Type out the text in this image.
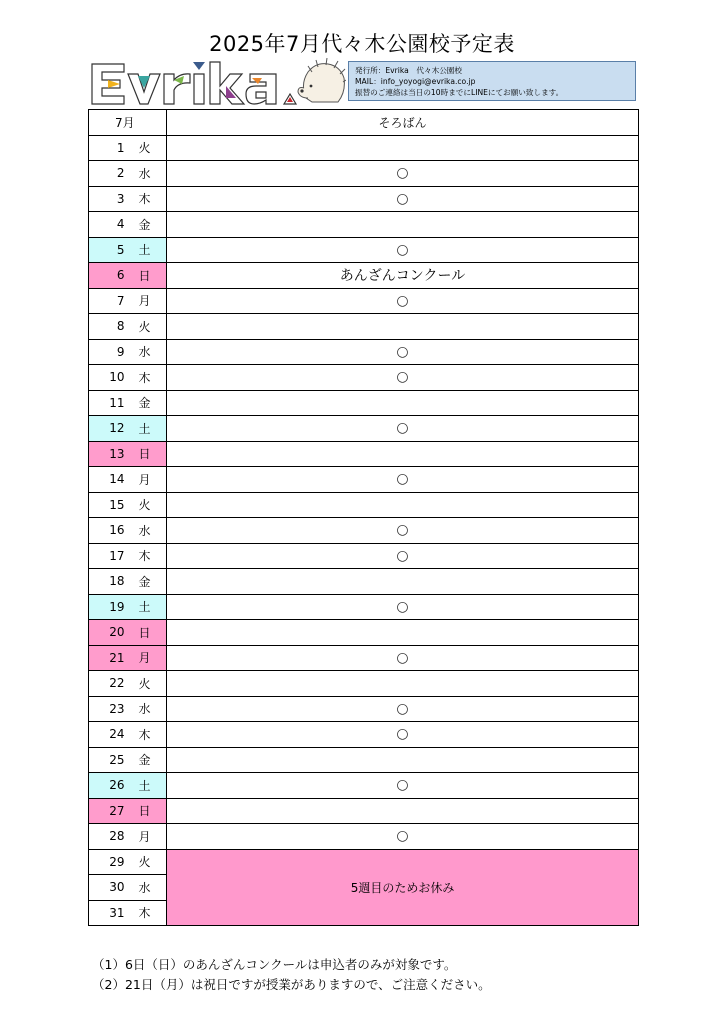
2025年7月代々木公園校予定表
発行所：Evrika　代々木公園校
MAIL：info_yoyogi@evrika.co.jp
振替のご連絡は当日の10時までにLINEにてお願い致します。
7月		そろばん
1	火	
2	水	○
3	木	○
4	金	
5	土	○
6	日	あんざんコンクール
7	月	○
8	火	
9	水	○
10	木	○
11	金	
12	土	○
13	日	
14	月	○
15	火	
16	水	○
17	木	○
18	金	
19	土	○
20	日	
21	月	○
22	火	
23	水	○
24	木	○
25	金	
26	土	○
27	日	
28	月	○
29	火	5週目のためお休み
30	水	
31	木	
（1）6日（日）のあんざんコンクールは申込者のみが対象です。
（2）21日（月）は祝日ですが授業がありますので、ご注意ください。
